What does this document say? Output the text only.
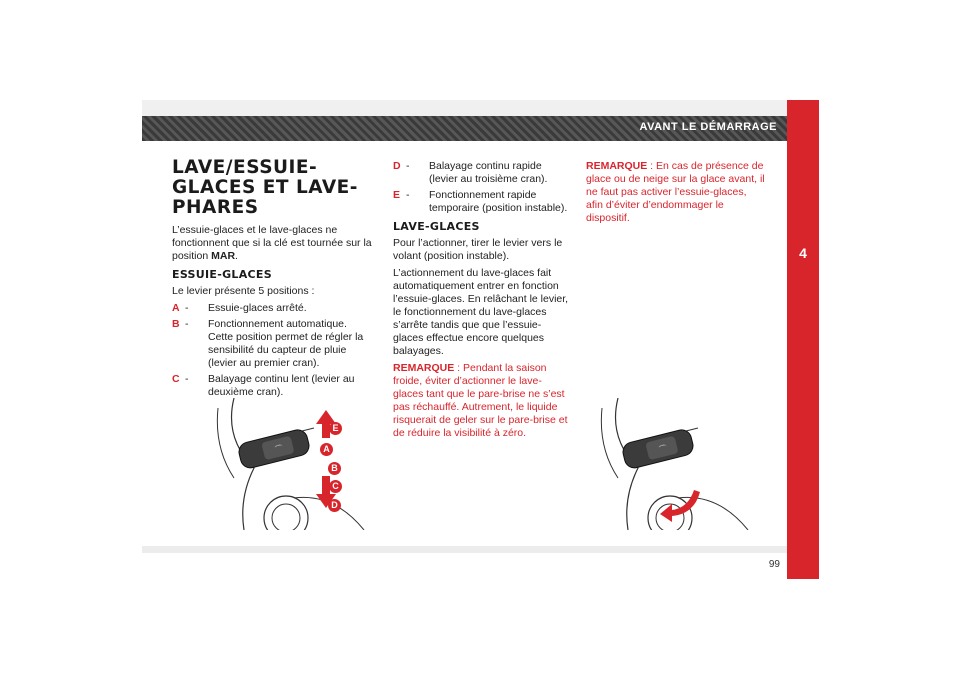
AVANT LE DÉMARRAGE
4
LAVE/ESSUIE-GLACES ET LAVE-PHARES

L’essuie-glaces et le lave-glaces ne fonctionnent que si la clé est tournée sur la position MAR.

ESSUIE-GLACES

Le levier présente 5 positions :

A - Essuie-glaces arrêté.
B - Fonctionnement automatique. Cette position permet de régler la sensibilité du capteur de pluie (levier au premier cran).
C - Balayage continu lent (levier au deuxième cran).
⌒
E
A
B
C
D
D - Balayage continu rapide (levier au troisième cran).
E - Fonctionnement rapide temporaire (position instable).
LAVE-GLACES

Pour l’actionner, tirer le levier vers le volant (position instable).

L’actionnement du lave-glaces fait automatiquement entrer en fonction l’essuie-glaces. En relâchant le levier, le fonctionnement du lave-glaces s’arrête tandis que que l’essuie-glaces effectue encore quelques balayages.

REMARQUE : Pendant la saison froide, éviter d’actionner le lave-glaces tant que le pare-brise ne s’est pas réchauffé. Autrement, le liquide risquerait de geler sur le pare-brise et de réduire la visibilité à zéro.

REMARQUE : En cas de présence de glace ou de neige sur la glace avant, il ne faut pas activer l’essuie-glaces, afin d’éviter d’endommager le dispositif.

⌒
99
